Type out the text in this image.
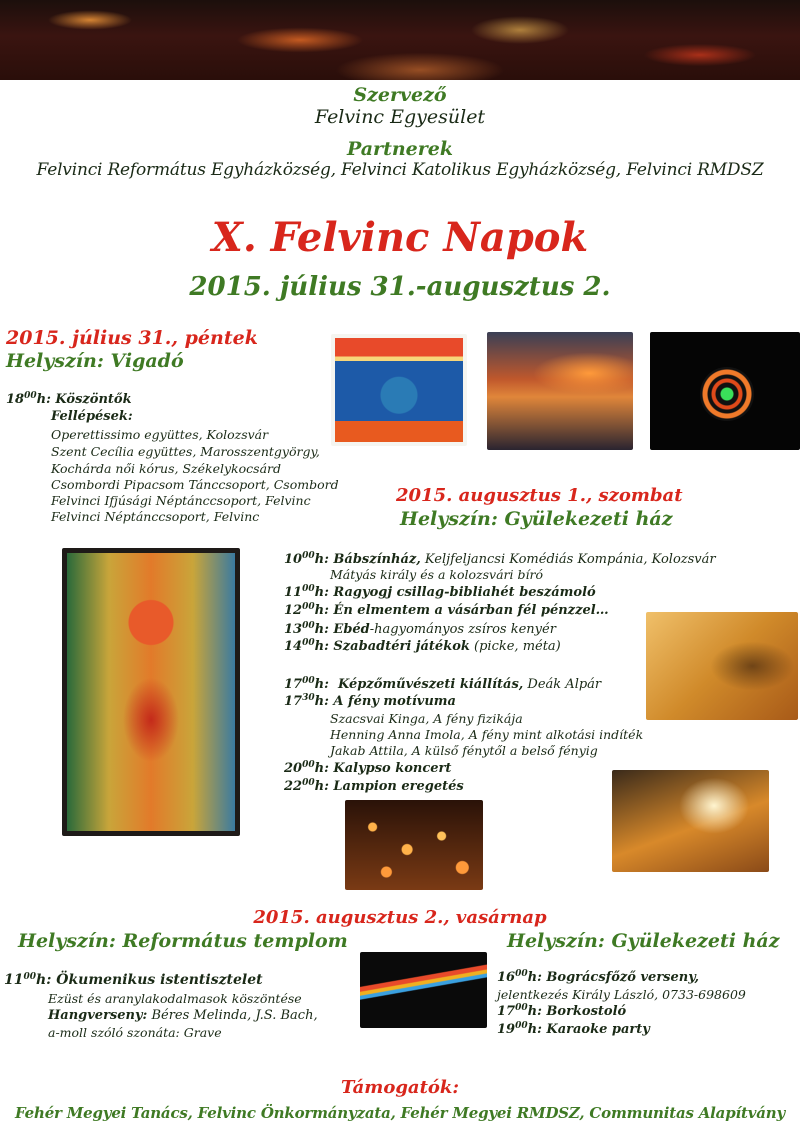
Szervező
Felvinc Egyesület
Partnerek
Felvinci Református Egyházközség, Felvinci Katolikus Egyházközség, Felvinci RMDSZ
X. Felvinc Napok
2015. július 31.-augusztus 2.
2015. július 31., péntek
Helyszín: Vigadó
$18^{00}h$: Köszöntők
Fellépések:
Operettissimo együttes, Kolozsvár
Szent Cecília együttes, Marosszentgyörgy,
Kochárda női kórus, Székelykocsárd
Csombordi Pipacsom Tánccsoport, Csombord
Felvinci Ifjúsági Néptánccsoport, Felvinc
Felvinci Néptánccsoport, Felvinc
2015. augusztus 1., szombat
Helyszín: Gyülekezeti ház
$10^{00}h$: Bábszínház, Keljfeljancsi Komédiás Kompánia, Kolozsvár
Mátyás király és a kolozsvári bíró
$11^{00}h$: Ragyogj csillag-bibliahét beszámoló
$12^{00}h$: Én elmentem a vásárban fél pénzzel…
$13^{00}h$: Ebéd-hagyományos zsíros kenyér
$14^{00}h$: Szabadtéri játékok (picke, méta)
$17^{00}h$:  Képzőművészeti kiállítás, Deák Alpár
$17^{30}h$: A fény motívuma
Szacsvai Kinga, A fény fizikája
Henning Anna Imola, A fény mint alkotási indíték
Jakab Attila, A külső fénytől a belső fényig
$20^{00}h$: Kalypso koncert
$22^{00}h$: Lampion eregetés
2015. augusztus 2., vasárnap
Helyszín: Református templom	Helyszín: Gyülekezeti ház
$11^{00}h$: Ökumenikus istentisztelet
Ezüst és aranylakodalmasok köszöntése
Hangverseny: Béres Melinda, J.S. Bach,
a-moll szóló szonáta: Grave
$16^{00}h$: Bográcsfőző verseny,
jelentkezés Király László, 0733-698609
$17^{00}h$: Borkostoló
$19^{00}h$: Karaoke party
Támogatók:
Fehér Megyei Tanács, Felvinc Önkormányzata, Fehér Megyei RMDSZ, Communitas Alapítvány
